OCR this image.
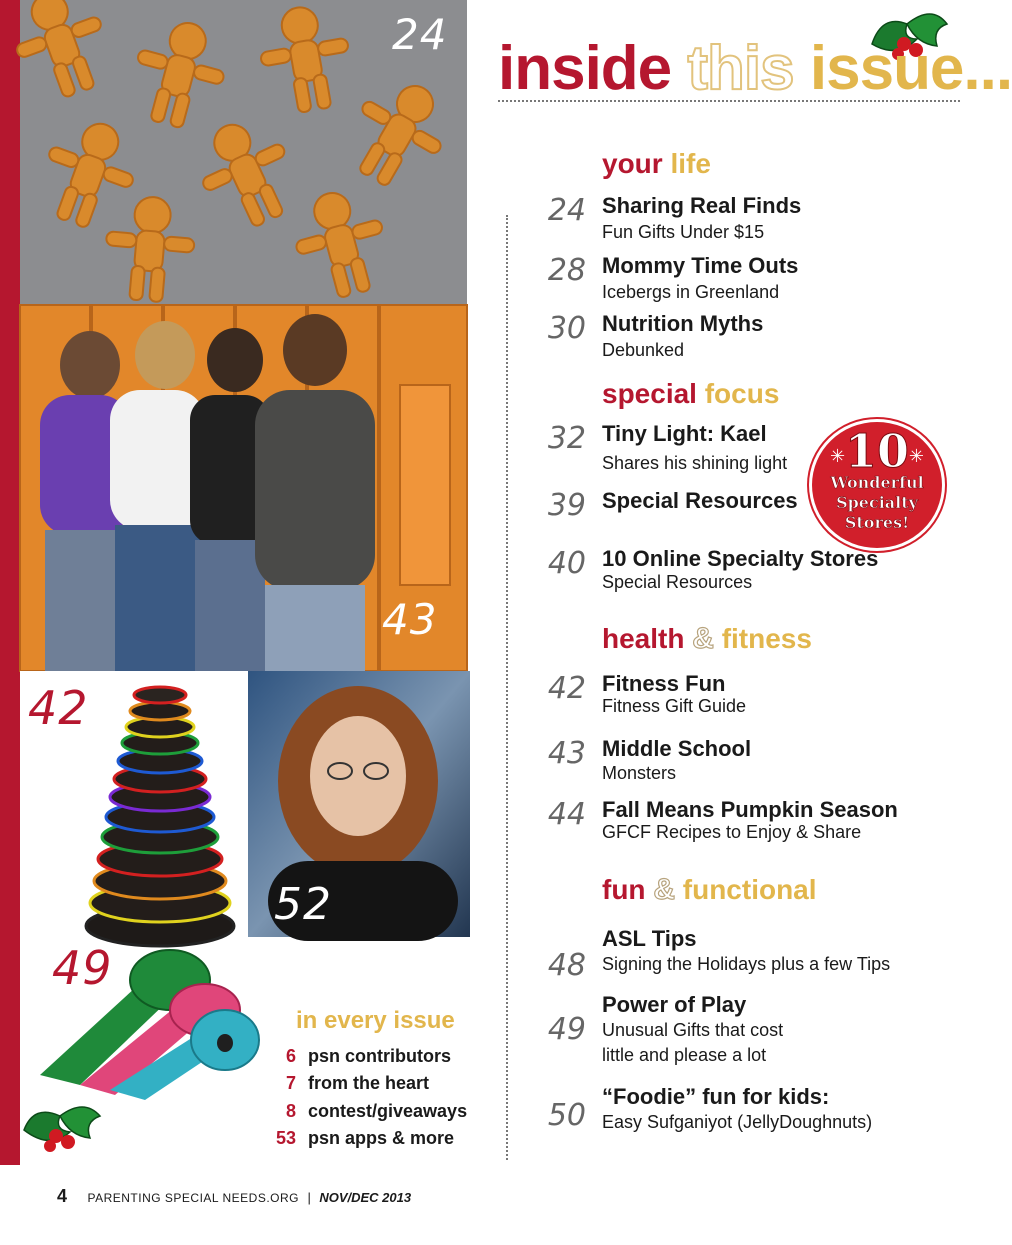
24
43
42
52
49
inside this issue...
your life
24 Sharing Real Finds
Fun Gifts Under $15
28 Mommy Time Outs
Icebergs in Greenland
30 Nutrition Myths
Debunked
special focus
32 Tiny Light: Kael
Shares his shining light
39 Special Resources
40 10 Online Specialty Stores
Special Resources
✳	✳
10
Wonderful
Specialty
Stores!
health & fitness
42 Fitness Fun
Fitness Gift Guide
43 Middle School
Monsters
44 Fall Means Pumpkin Season
GFCF Recipes to Enjoy & Share
fun & functional
48
ASL Tips
Signing the Holidays plus a few Tips
49
Power of Play
Unusual Gifts that cost
little and please a lot
50
“Foodie” fun for kids:
Easy Sufganiyot (JellyDoughnuts)
in every issue
6 psn contributors
7 from the heart
8 contest/giveaways
53 psn apps & more
4 PARENTING SPECIAL NEEDS.ORG | NOV/DEC 2013
